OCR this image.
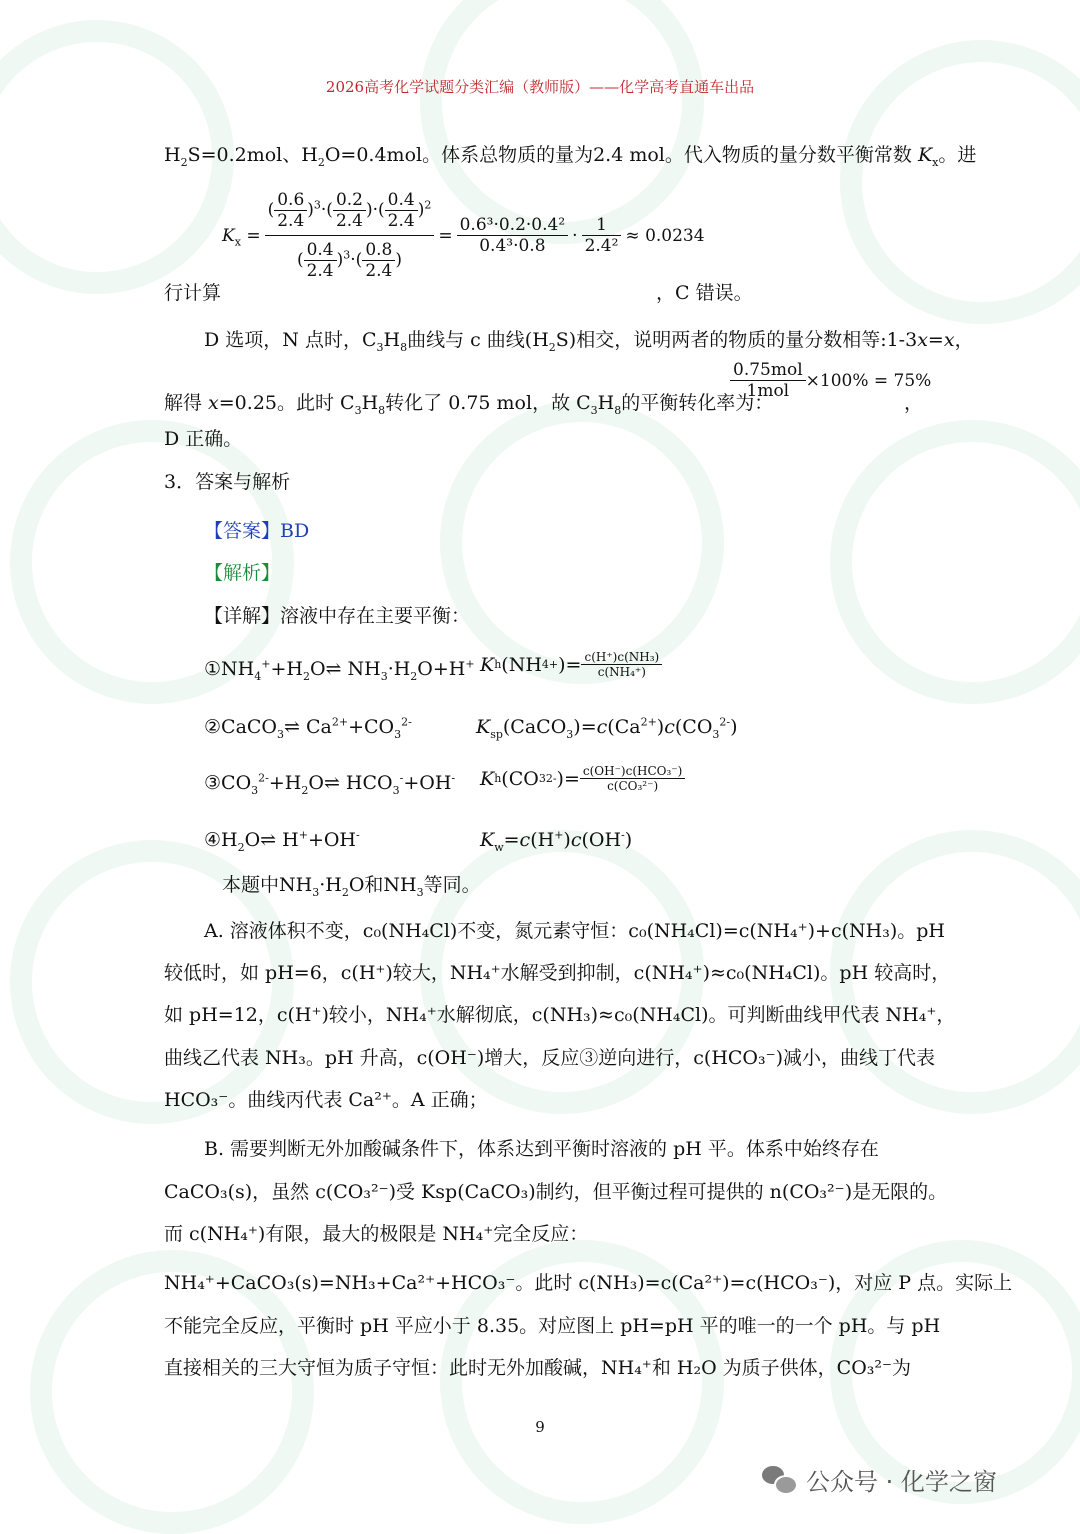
2026高考化学试题分类汇编（教师版）——化学高考直通车出品
$H_2S=0.2mol$、$H_2O=0.4mol$。体系总物质的量为2.4 mol。代入物质的量分数平衡常数 $K_x$。进
$K_x = \frac{( \frac{0.6}{2.4} )^3\cdot( \frac{0.2}{2.4} )\cdot( \frac{0.4}{2.4} )^2}{( \frac{0.4}{2.4} )^3\cdot( \frac{0.8}{2.4} )} = \frac{\text{0.6³·0.2·0.4²}}{\text{0.4³·0.8}} \cdot \frac{1}{\text{2.4²}} \approx 0.0234$
行计算	，C 错误。
D 选项，N 点时，$C_3H_8$曲线与 c 曲线$(H_2S)$相交，说明两者的物质的量分数相等:1-3x=x，
解得 x=0.25。此时 $C_3H_8$转化了 0.75 mol，故 $C_3H_8$的平衡转化率为：
$\frac{\text{0.75mol}}{\text{1mol}} \times 100\% = 75\%$
，
D 正确。
3．答案与解析
【答案】BD
【解析】
【详解】溶液中存在主要平衡：
$①NH_4^++H_2O\rightleftharpoons$ $NH_3\cdot H_2O+H^+$ K h (NH 4 + )= $\frac{\text{c(H⁺)c(NH₃)}}{\text{c(NH₄⁺)}}$
②CaCO$_3$⇌ $Ca^{2+}+CO_3^{2-}$	$K_{sp}(CaCO_3)=c(Ca^{2+})c(CO_3^{2-})$
$③CO_3^{2-}+H_2O\rightleftharpoons$ $HCO_3^-+OH^-$ K h (CO 3 2- )= $\frac{\text{c(OH⁻)c(HCO₃⁻)}}{\text{c(CO₃²⁻)}}$
$④H_2O\rightleftharpoons$ H++OH-	$K_w=c(H^+)c(OH^-)$
本题中$NH_3\cdot H_2O$和$NH_3$等同。
A. 溶液体积不变，c₀(NH₄Cl)不变，氮元素守恒：c₀(NH₄Cl)=c(NH₄⁺)+c(NH₃)。pH
较低时，如 pH=6，c(H⁺)较大，NH₄⁺水解受到抑制，c(NH₄⁺)≈c₀(NH₄Cl)。pH 较高时，
如 pH=12，c(H⁺)较小，NH₄⁺水解彻底，c(NH₃)≈c₀(NH₄Cl)。可判断曲线甲代表 NH₄⁺，
曲线乙代表 NH₃。pH 升高，c(OH⁻)增大，反应③逆向进行，c(HCO₃⁻)减小，曲线丁代表
HCO₃⁻。曲线丙代表 Ca²⁺。A 正确；
B. 需要判断无外加酸碱条件下，体系达到平衡时溶液的 pH 平。体系中始终存在
CaCO₃(s)，虽然 c(CO₃²⁻)受 Ksp(CaCO₃)制约，但平衡过程可提供的 n(CO₃²⁻)是无限的。
而 c(NH₄⁺)有限，最大的极限是 NH₄⁺完全反应：
NH₄⁺+CaCO₃(s)=NH₃+Ca²⁺+HCO₃⁻。此时 c(NH₃)=c(Ca²⁺)=c(HCO₃⁻)，对应 P 点。实际上
不能完全反应，平衡时 pH 平应小于 8.35。对应图上 pH=pH 平的唯一的一个 pH。与 pH
直接相关的三大守恒为质子守恒：此时无外加酸碱，NH₄⁺和 H₂O 为质子供体，CO₃²⁻为
9
公众号 · 化学之窗
